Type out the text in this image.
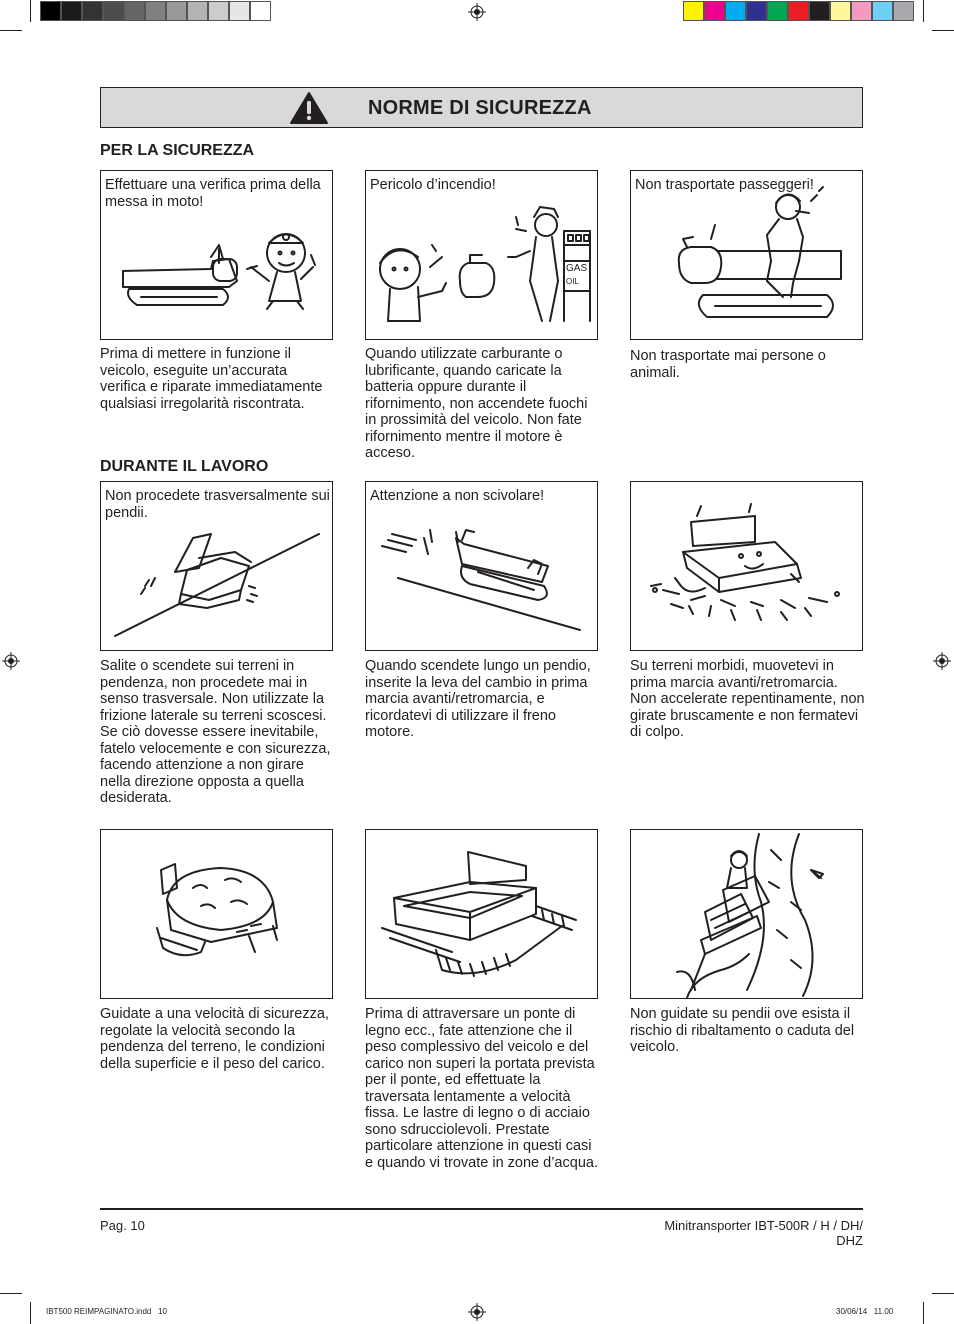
NORME DI SICUREZZA
PER LA SICUREZZA
DURANTE IL LAVORO
Effettuare una verifica prima della messa in moto!
GAS
OIL
Pericolo d’incendio!	Non trasportate passeggeri!
Prima di mettere in funzione il veicolo, eseguite un’accurata verifica e riparate immediatamente qualsiasi irregolarità riscontrata.
Quando utilizzate carburante o lubrificante, quando caricate la batteria oppure durante il rifornimento, non accendete fuochi in prossimità del veicolo. Non fate rifornimento mentre il motore è acceso.
Non trasportate mai persone o animali.
Non procedete trasversalmente sui pendii.
Attenzione a non scivolare!
Salite o scendete sui terreni in pendenza, non procedete mai in senso trasversale. Non utilizzate la frizione laterale su terreni scoscesi. Se ciò dovesse essere inevitabile, fatelo velocemente e con sicurezza, facendo attenzione a non girare nella direzione opposta a quella desiderata.
Quando scendete lungo un pendio, inserite la leva del cambio in prima marcia avanti/retromarcia, e ricordatevi di utilizzare il freno motore.
Su terreni morbidi, muovetevi in prima marcia avanti/retromarcia. Non accelerate repentinamente, non girate bruscamente e non fermatevi di colpo.
Guidate a una velocità di sicurezza, regolate la velocità secondo la pendenza del terreno, le condizioni della superficie e il peso del carico.
Prima di attraversare un ponte di legno ecc., fate attenzione che il peso complessivo del veicolo e del carico non superi la portata prevista per il ponte, ed effettuate la traversata lentamente a velocità fissa. Le lastre di legno o di acciaio sono sdrucciolevoli. Prestate particolare attenzione in questi casi e quando vi trovate in zone d’acqua.
Non guidate su pendii ove esista il rischio di ribaltamento o caduta del veicolo.
Pag. 10	Minitransporter IBT-500R / H / DH/ DHZ
IBT500 REIMPAGINATO.indd   10	30/06/14   11.00
